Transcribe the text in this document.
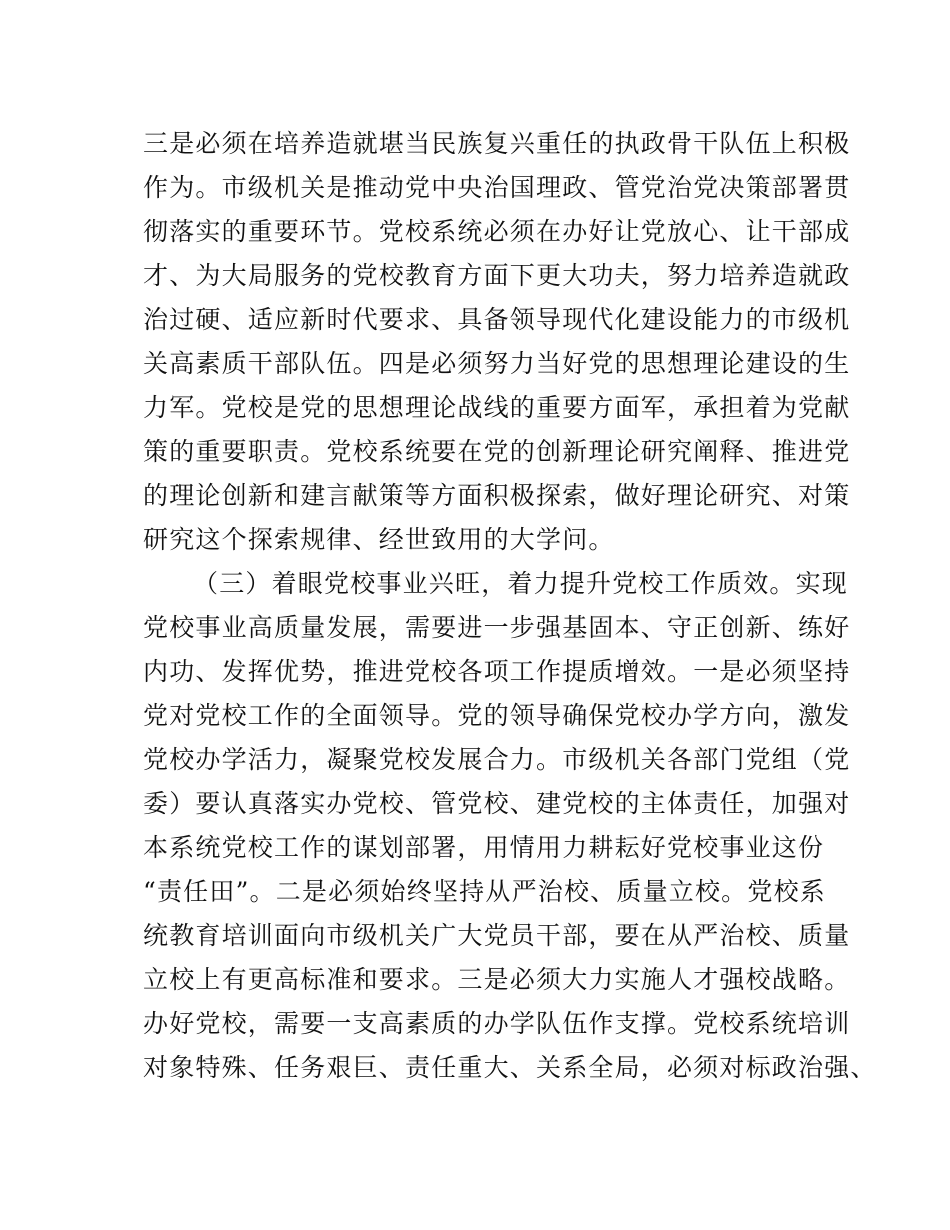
三是必须在培养造就堪当民族复兴重任的执政骨干队伍上积极
作为。市级机关是推动党中央治国理政、管党治党决策部署贯
彻落实的重要环节。党校系统必须在办好让党放心、让干部成
才、为大局服务的党校教育方面下更大功夫，努力培养造就政
治过硬、适应新时代要求、具备领导现代化建设能力的市级机
关高素质干部队伍。四是必须努力当好党的思想理论建设的生
力军。党校是党的思想理论战线的重要方面军，承担着为党献
策的重要职责。党校系统要在党的创新理论研究阐释、推进党
的理论创新和建言献策等方面积极探索，做好理论研究、对策
研究这个探索规律、经世致用的大学问。
（三）着眼党校事业兴旺，着力提升党校工作质效。实现
党校事业高质量发展，需要进一步强基固本、守正创新、练好
内功、发挥优势，推进党校各项工作提质增效。一是必须坚持
党对党校工作的全面领导。党的领导确保党校办学方向，激发
党校办学活力，凝聚党校发展合力。市级机关各部门党组（党
委）要认真落实办党校、管党校、建党校的主体责任，加强对
本系统党校工作的谋划部署，用情用力耕耘好党校事业这份
“责任田”。二是必须始终坚持从严治校、质量立校。党校系
统教育培训面向市级机关广大党员干部，要在从严治校、质量
立校上有更高标准和要求。三是必须大力实施人才强校战略。
办好党校，需要一支高素质的办学队伍作支撑。党校系统培训
对象特殊、任务艰巨、责任重大、关系全局，必须对标政治强、
